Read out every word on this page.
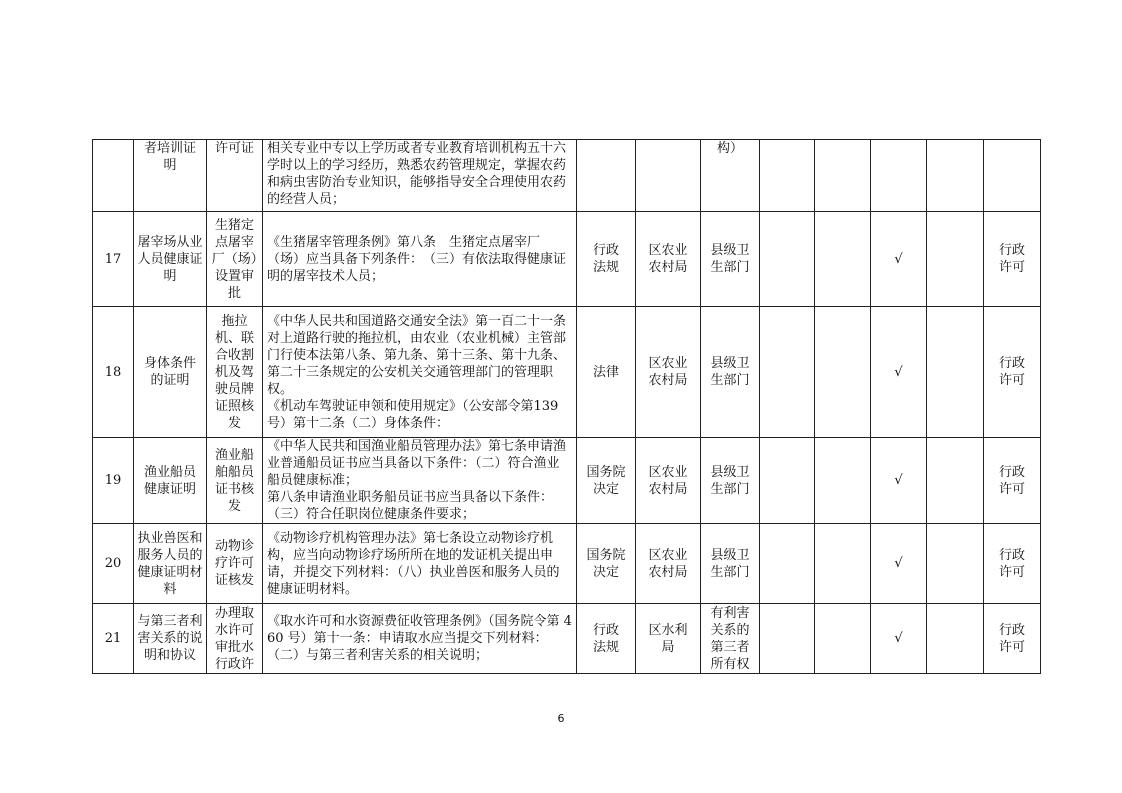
	者培训证
明	许可证	相关专业中专以上学历或者专业教育培训机构五十六学时以上的学习经历，熟悉农药管理规定，掌握农药和病虫害防治专业知识，能够指导安全合理使用农药的经营人员；			构）					

17	屠宰场从业人员健康证明	生猪定点屠宰厂（场）设置审批	《生猪屠宰管理条例》第八条　生猪定点屠宰厂（场）应当具备下列条件：　（三）有依法取得健康证明的屠宰技术人员；	行政
法规	区农业
农村局	县级卫
生部门			√		行政
许可

18	身体条件
的证明	拖拉机、联合收割机及驾驶员牌证照核发	《中华人民共和国道路交通安全法》第一百二十一条对上道路行驶的拖拉机，由农业（农业机械）主管部门行使本法第八条、第九条、第十三条、第十九条、第二十三条规定的公安机关交通管理部门的管理职权。
《机动车驾驶证申领和使用规定》（公安部令第139 号）第十二条（二）身体条件：	法律	区农业
农村局	县级卫
生部门			√		行政
许可

19	渔业船员
健康证明	渔业船舶船员证书核发	《中华人民共和国渔业船员管理办法》第七条申请渔业普通船员证书应当具备以下条件：（二）符合渔业船员健康标准；
第八条申请渔业职务船员证书应当具备以下条件：（三）符合任职岗位健康条件要求；	国务院
决定	区农业
农村局	县级卫
生部门			√		行政
许可

20	执业兽医和服务人员的健康证明材料	动物诊疗许可证核发	《动物诊疗机构管理办法》第七条设立动物诊疗机构，应当向动物诊疗场所所在地的发证机关提出申请，并提交下列材料：（八）执业兽医和服务人员的健康证明材料。	国务院
决定	区农业
农村局	县级卫
生部门			√		行政
许可

21	与第三者利害关系的说明和协议	办理取水许可审批水行政许	《取水许可和水资源费征收管理条例》（国务院令第 460 号）第十一条：申请取水应当提交下列材料：
（二）与第三者利害关系的相关说明；	行政
法规	区水利
局	有利害
关系的
第三者
所有权			√		行政
许可
6
